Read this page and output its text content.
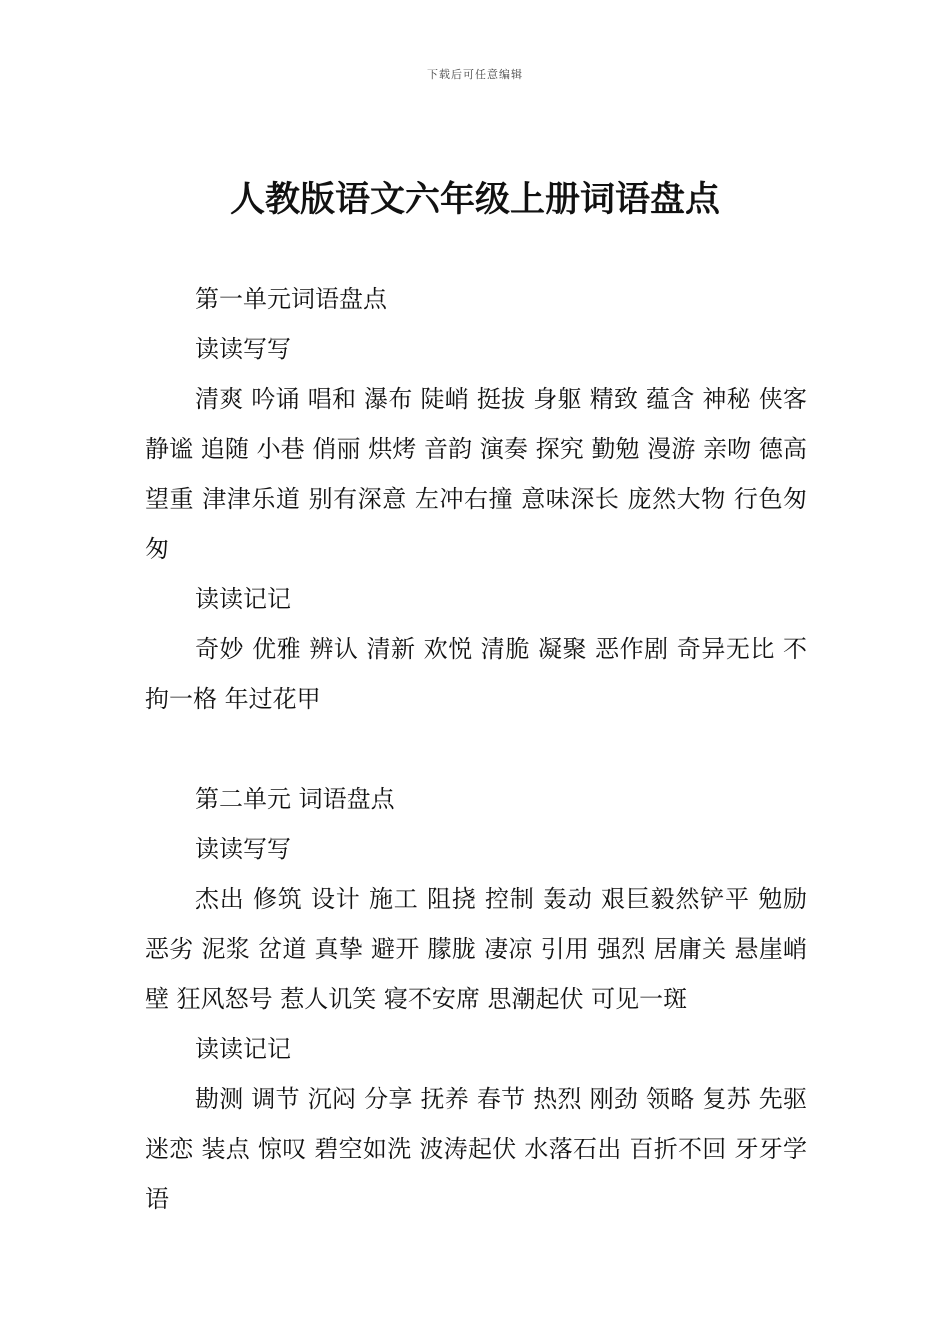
下载后可任意编辑
人教版语文六年级上册词语盘点

第一单元词语盘点

读读写写

清爽 吟诵 唱和 瀑布 陡峭 挺拔 身躯 精致 蕴含 神秘 侠客 静谧 追随 小巷 俏丽 烘烤 音韵 演奏 探究 勤勉 漫游 亲吻 德高望重 津津乐道 别有深意 左冲右撞 意味深长 庞然大物 行色匆匆

读读记记

奇妙 优雅 辨认 清新 欢悦 清脆 凝聚 恶作剧 奇异无比 不拘一格 年过花甲

第二单元 词语盘点

读读写写

杰出 修筑 设计 施工 阻挠 控制 轰动 艰巨毅然铲平 勉励 恶劣 泥浆 岔道 真挚 避开 朦胧 凄凉 引用 强烈 居庸关 悬崖峭壁 狂风怒号 惹人讥笑 寝不安席 思潮起伏 可见一斑

读读记记

勘测 调节 沉闷 分享 抚养 春节 热烈 刚劲 领略 复苏 先驱 迷恋 装点 惊叹 碧空如洗 波涛起伏 水落石出 百折不回 牙牙学语
